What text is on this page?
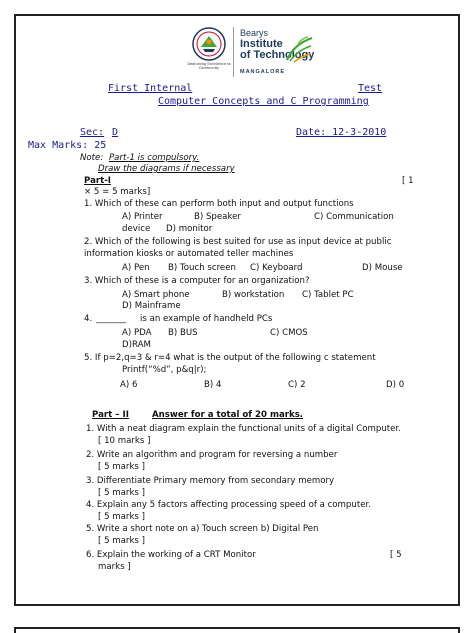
Dedicating Excellence to Community
Bearys
Institute
of Technology
MANGALORE
First Internal	Test
Computer Concepts and C Programming
Sec: D	Date: 12-3-2010
Max Marks: 25
Note: Part-1 is compulsory.
Draw the diagrams if necessary
Part-I	[ 1
× 5 = 5 marks]
1. Which of these can perform both input and output functions
A) Printer	B) Speaker	C) Communication
device D) monitor
2. Which of the following is best suited for use as input device at public
information kiosks or automated teller machines
A) Pen B) Touch screen C) Keyboard	D) Mouse
3. Which of these is a computer for an organization?
A) Smart phone	B) workstation C) Tablet PC
D) Mainframe
4. _______ is an example of handheld PCs
A) PDA B) BUS	C) CMOS
D)RAM
5. If p=2,q=3 & r=4 what is the output of the following c statement
Printf(“%d”, p&q|r);
A) 6	B) 4	C) 2	D) 0
Part – II	Answer for a total of 20 marks.
1. With a neat diagram explain the functional units of a digital Computer.
[ 10 marks ]
2. Write an algorithm and program for reversing a number
[ 5 marks ]
3. Differentiate Primary memory from secondary memory
[ 5 marks ]
4. Explain any 5 factors affecting processing speed of a computer.
[ 5 marks ]
5. Write a short note on a) Touch screen b) Digital Pen
[ 5 marks ]
6. Explain the working of a CRT Monitor	[ 5
marks ]
